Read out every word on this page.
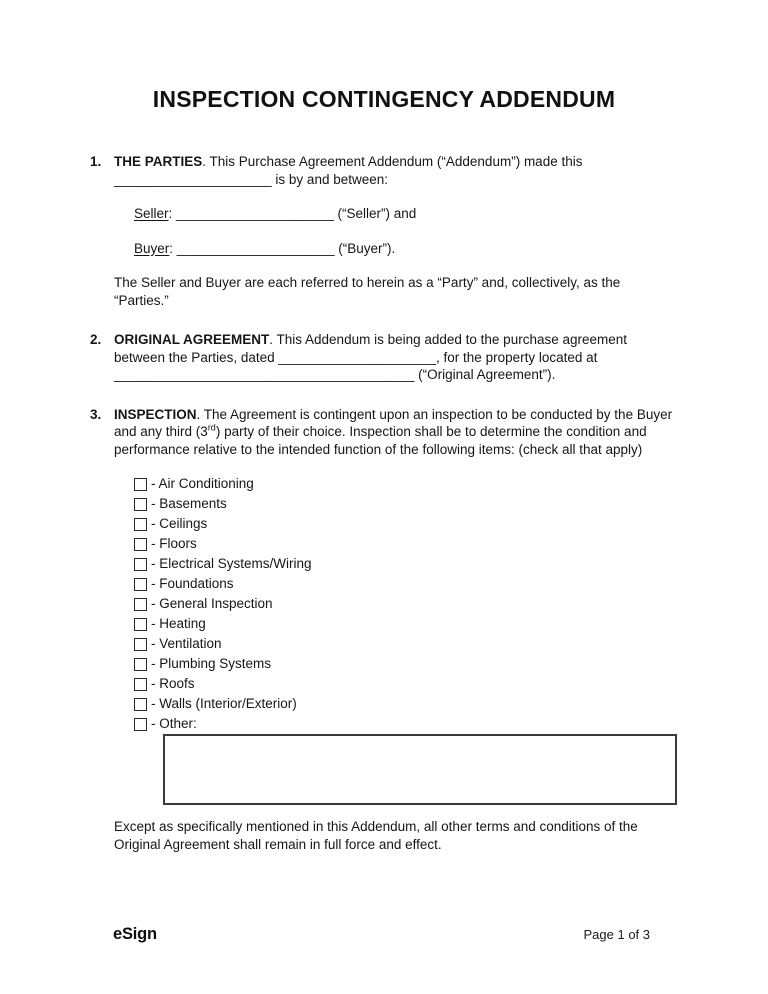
INSPECTION CONTINGENCY ADDENDUM
1. THE PARTIES. This Purchase Agreement Addendum (“Addendum”) made this _____________________ is by and between:

Seller: _____________________ (“Seller”) and

Buyer: _____________________ (“Buyer”).

The Seller and Buyer are each referred to herein as a “Party” and, collectively, as the “Parties.”

2. ORIGINAL AGREEMENT. This Addendum is being added to the purchase agreement between the Parties, dated _____________________, for the property located at ________________________________________ (“Original Agreement”).

3. INSPECTION. The Agreement is contingent upon an inspection to be conducted by the Buyer and any third (3rd) party of their choice. Inspection shall be to determine the condition and performance relative to the intended function of the following items: (check all that apply)

- Air Conditioning
- Basements
- Ceilings
- Floors
- Electrical Systems/Wiring
- Foundations
- General Inspection
- Heating
- Ventilation
- Plumbing Systems
- Roofs
- Walls (Interior/Exterior)
- Other:

Except as specifically mentioned in this Addendum, all other terms and conditions of the Original Agreement shall remain in full force and effect.

eSign	Page 1 of 3
